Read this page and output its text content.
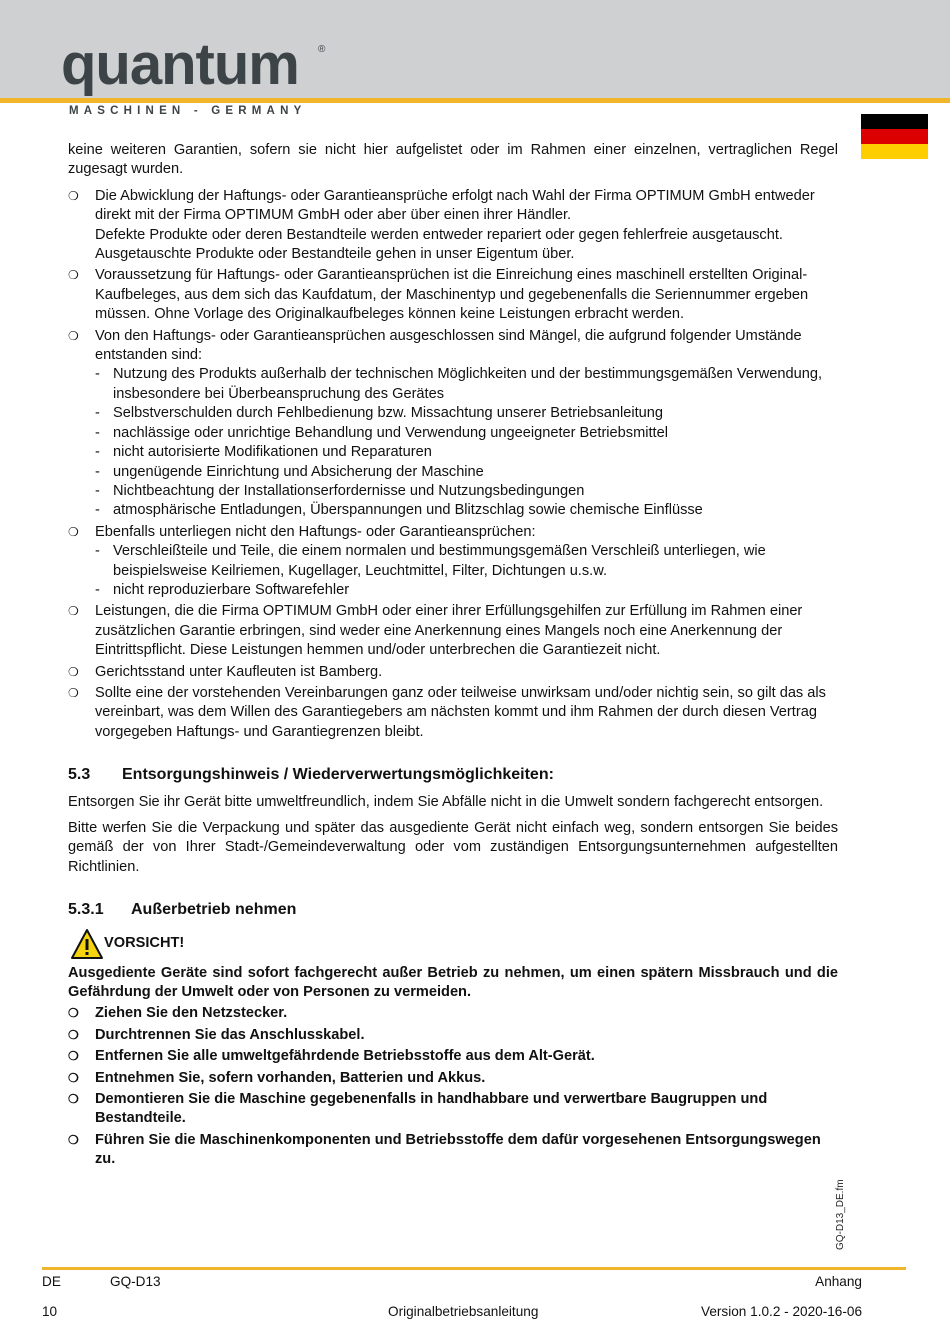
quantum ®
MASCHINEN - GERMANY

keine weiteren Garantien, sofern sie nicht hier aufgelistet oder im Rahmen einer einzelnen, vertraglichen Regel zugesagt wurden.

❍ Die Abwicklung der Haftungs- oder Garantieansprüche erfolgt nach Wahl der Firma OPTIMUM GmbH entweder direkt mit der Firma OPTIMUM GmbH oder aber über einen ihrer Händler.
Defekte Produkte oder deren Bestandteile werden entweder repariert oder gegen fehlerfreie ausgetauscht. Ausgetauschte Produkte oder Bestandteile gehen in unser Eigentum über.
❍ Voraussetzung für Haftungs- oder Garantieansprüchen ist die Einreichung eines maschinell erstellten Original-Kaufbeleges, aus dem sich das Kaufdatum, der Maschinentyp und gegebenenfalls die Seriennummer ergeben müssen. Ohne Vorlage des Originalkaufbeleges können keine Leistungen erbracht werden.
❍ Von den Haftungs- oder Garantieansprüchen ausgeschlossen sind Mängel, die aufgrund folgender Umstände entstanden sind:
- Nutzung des Produkts außerhalb der technischen Möglichkeiten und der bestimmungsgemäßen Verwendung, insbesondere bei Überbeanspruchung des Gerätes
- Selbstverschulden durch Fehlbedienung bzw. Missachtung unserer Betriebsanleitung
- nachlässige oder unrichtige Behandlung und Verwendung ungeeigneter Betriebsmittel
- nicht autorisierte Modifikationen und Reparaturen
- ungenügende Einrichtung und Absicherung der Maschine
- Nichtbeachtung der Installationserfordernisse und Nutzungsbedingungen
- atmosphärische Entladungen, Überspannungen und Blitzschlag sowie chemische Einflüsse
❍ Ebenfalls unterliegen nicht den Haftungs- oder Garantieansprüchen:
- Verschleißteile und Teile, die einem normalen und bestimmungsgemäßen Verschleiß unterliegen, wie beispielsweise Keilriemen, Kugellager, Leuchtmittel, Filter, Dichtungen u.s.w.
- nicht reproduzierbare Softwarefehler
❍ Leistungen, die die Firma OPTIMUM GmbH oder einer ihrer Erfüllungsgehilfen zur Erfüllung im Rahmen einer zusätzlichen Garantie erbringen, sind weder eine Anerkennung eines Mangels noch eine Anerkennung der Eintrittspflicht. Diese Leistungen hemmen und/oder unterbrechen die Garantiezeit nicht.
❍ Gerichtsstand unter Kaufleuten ist Bamberg.
❍ Sollte eine der vorstehenden Vereinbarungen ganz oder teilweise unwirksam und/oder nichtig sein, so gilt das als vereinbart, was dem Willen des Garantiegebers am nächsten kommt und ihm Rahmen der durch diesen Vertrag vorgegeben Haftungs- und Garantiegrenzen bleibt.
5.3 Entsorgungshinweis / Wiederverwertungsmöglichkeiten:

Entsorgen Sie ihr Gerät bitte umweltfreundlich, indem Sie Abfälle nicht in die Umwelt sondern fachgerecht entsorgen.

Bitte werfen Sie die Verpackung und später das ausgediente Gerät nicht einfach weg, sondern entsorgen Sie beides gemäß der von Ihrer Stadt-/Gemeindeverwaltung oder vom zuständigen Entsorgungsunternehmen aufgestellten Richtlinien.

5.3.1 Außerbetrieb nehmen
VORSICHT!

Ausgediente Geräte sind sofort fachgerecht außer Betrieb zu nehmen, um einen spätern Missbrauch und die Gefährdung der Umwelt oder von Personen zu vermeiden.

❍ Ziehen Sie den Netzstecker.
❍ Durchtrennen Sie das Anschlusskabel.
❍ Entfernen Sie alle umweltgefährdende Betriebsstoffe aus dem Alt-Gerät.
❍ Entnehmen Sie, sofern vorhanden, Batterien und Akkus.
❍ Demontieren Sie die Maschine gegebenenfalls in handhabbare und verwertbare Baugruppen und Bestandteile.
❍ Führen Sie die Maschinenkomponenten und Betriebsstoffe dem dafür vorgesehenen Entsorgungswegen zu.
GQ-D13_DE.fm
DE	GQ-D13	Anhang
10	Originalbetriebsanleitung	Version 1.0.2 - 2020-16-06
